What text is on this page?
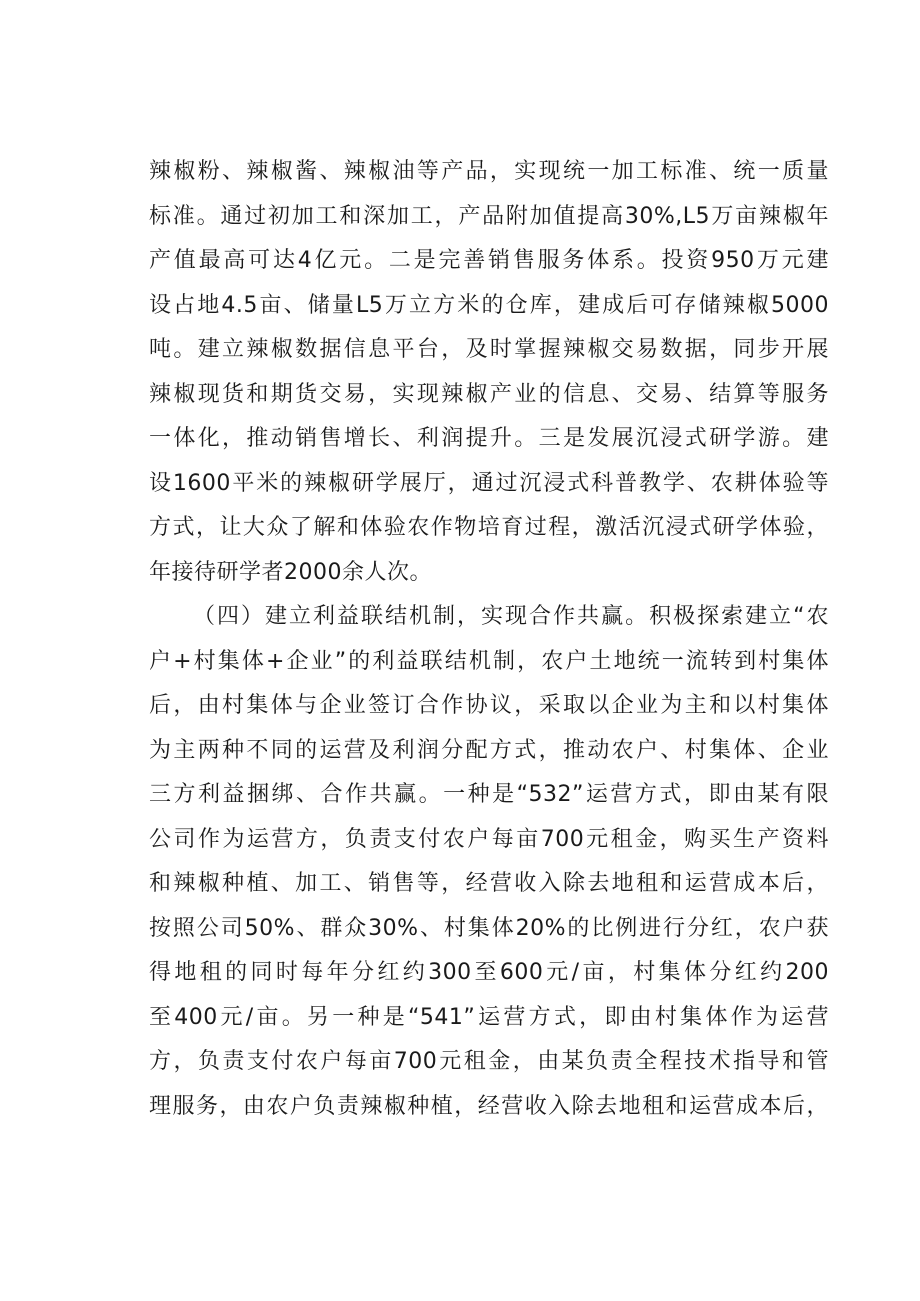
辣椒粉、辣椒酱、辣椒油等产品，实现统一加工标准、统一质量
标准。通过初加工和深加工，产品附加值提高30%,L5万亩辣椒年
产值最高可达4亿元。二是完善销售服务体系。投资950万元建
设占地4.5亩、储量L5万立方米的仓库，建成后可存储辣椒5000
吨。建立辣椒数据信息平台，及时掌握辣椒交易数据，同步开展
辣椒现货和期货交易，实现辣椒产业的信息、交易、结算等服务
一体化，推动销售增长、利润提升。三是发展沉浸式研学游。建
设1600平米的辣椒研学展厅，通过沉浸式科普教学、农耕体验等
方式，让大众了解和体验农作物培育过程，激活沉浸式研学体验，
年接待研学者2000余人次。
（四）建立利益联结机制，实现合作共赢。积极探索建立“农
户+村集体+企业”的利益联结机制，农户土地统一流转到村集体
后，由村集体与企业签订合作协议，采取以企业为主和以村集体
为主两种不同的运营及利润分配方式，推动农户、村集体、企业
三方利益捆绑、合作共赢。一种是“532”运营方式，即由某有限
公司作为运营方，负责支付农户每亩700元租金，购买生产资料
和辣椒种植、加工、销售等，经营收入除去地租和运营成本后，
按照公司50%、群众30%、村集体20%的比例进行分红，农户获
得地租的同时每年分红约300至600元/亩，村集体分红约200
至400元/亩。另一种是“541”运营方式，即由村集体作为运营
方，负责支付农户每亩700元租金，由某负责全程技术指导和管
理服务，由农户负责辣椒种植，经营收入除去地租和运营成本后，
